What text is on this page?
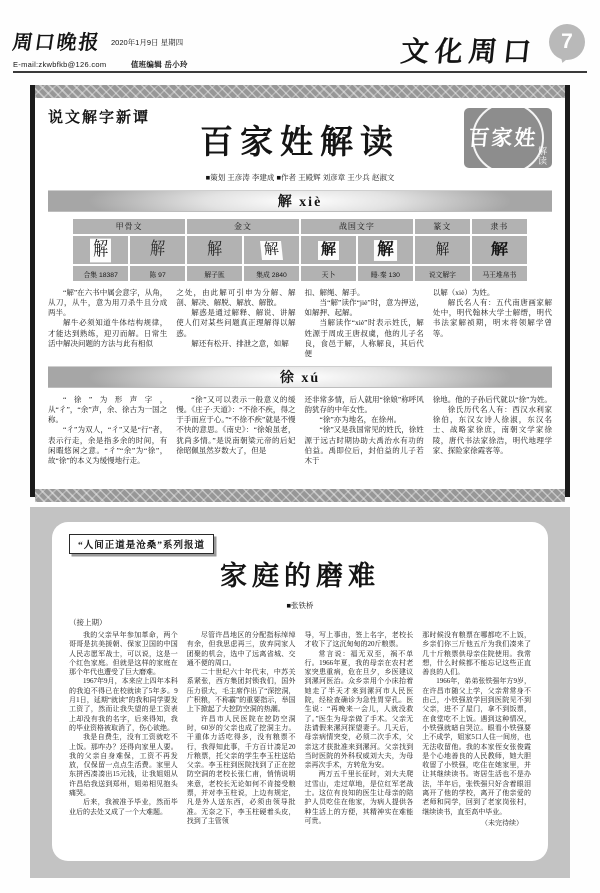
周口晚报 2020年1月9日 星期四
E-mail:zkwbfkb@126.com	值班编辑 岳小玲	文化周口	7
说文解字新谭
百家姓解读
■策划 王彦涛 李建成 ■作者 王殿辉 刘彦章 王少兵 赵淑文
百家姓
解读
解 xiè
甲骨文	金文	战国文字	篆文	隶书
解	解	解	解	解	解	解	解
合集 18387	陈 97	解子匜	集成 2840	天卜	睡·秦 130	说文解字	马王堆帛书

“解”在六书中属会意字，从角，从刀，从牛，意为用刀杀牛且分成两半。

解牛必须知道牛体结构规律，才能达到熟练，迎刃而解。日常生活中解决问题的方法与此有相似

之处，由此解可引申为分解、解剖、解决、解脱、解放、解散。

解惑是通过解释、解说、讲解使人们对某些问题真正理解得以解惑。

解还有松开、排泄之意，如解

扣、解绳、解手。

当“解”读作“jiè”时，意为押送，如解押、起解。

当解读作“xiè”时表示姓氏，解姓源于周成王唐叔虞，他的儿子名良，食邑于解，人称解良，其后代便

以解（xiè）为姓。

解氏名人有：五代南唐画家解处中，明代翰林大学士解缙，明代书法家解祯期，明末将领解学曾等。

徐 xú

“徐”为形声字，从“彳”，“余”声，余、徐古为一国之称。

“彳”为双人，“彳”又是“行”者，表示行走，余是指多余的时间，有闲暇悠闲之意。“彳”“余”为“徐”，故“徐”的本义为缓慢地行走。

“徐”又可以表示一般意义的缓慢。《庄子·天道》：“不徐不疾，得之于手而应于心。”“不徐不疾”就是不慢不快的意思。《南史》：“徐娘虽老，犹尚多情。”是说南朝梁元帝的后妃徐昭佩虽然岁数大了，但是

还非常多情，后人就用“徐娘”称呼风韵犹存的中年女性。

“徐”亦为地名，在徐州。

“徐”又是我国常见的姓氏，徐姓源于远古时期协助大禹治水有功的伯益。禹即位后，封伯益的儿子若木于

徐地。他的子孙后代就以“徐”为姓。

徐氏历代名人有：西汉水利家徐伯，东汉女诗人徐淑，东汉名士、战略家徐庶，南朝文学家徐陵，唐代书法家徐浩，明代地理学家、探险家徐霞客等。

“人间正道是沧桑”系列报道
家庭的磨难
■张铁桥
（接上期）

我的父亲早年参加革命，两个哥哥是抗美援朝、保家卫国的中国人民志愿军战士，可以说，这是一个红色家庭。但就是这样的家庭在那个年代也遭受了巨大磨难。

1967年9月，本来应上四年本科的我迫不得已在校就读了5年多。9月1日，延期“就读”的我和同学要发工资了，然而让我失望的是工资表上却没有我的名字，后来得知，我的毕业资格被取消了，伤心欲绝。

我是自费生，没有工资就吃不上饭。那咋办？还得向家里人要。我的父亲自身难保，工资不再发放，仅保留一点点生活费。家里人东拼西凑凑出15元钱，让我姐姐从许昌给我送到郑州，姐弟相见抱头痛哭。

后来，我被准予毕业，然而毕业后的去处又成了一个大难题。

尽管许昌地区的分配指标绰绰有余，但我思虑再三，放弃同家人团聚的机会，选中了远离省城、交通不便的周口。

二十世纪六十年代末，中苏关系紧张，西方集团封锁我们，国外压力很大，毛主席作出了“深挖洞，广积粮，不称霸”的重要指示，举国上下掀起了大挖防空洞的热潮。

许昌市人民医院在挖防空洞时，60岁的父亲也成了挖洞主力。干重体力活吃得多，没有粮票不行，我得知此事，千方百计凑足20斤粮票，托父亲的学生李玉柱送给父亲。李玉柱到医院找到了正在挖防空洞的老校长张仁甫，悄悄说明来意，老校长无论如何不肯接受粮票，并对李玉柱说，上边有规定，凡是外人送东西，必须由领导批准。无奈之下，李玉柱硬着头皮，找到了主管领

导，写上事由，签上名字，老校长才收下了这沉甸甸的20斤粮票。

常言说：福无双至，祸不单行。1966年夏，我的母亲在农村老家突患重病，危在旦夕，乡医建议到漯河医治。众乡亲用个小床抬着她走了半天才来到漯河市人民医院，经检查确诊为急性胃穿孔。医生说：“再晚来一会儿，人就没救了。”医生为母亲做了手术。父亲无法请假来漯河探望妻子。几天后，母亲病情突变，必须二次手术，父亲这才获批准来到漯河。父亲找到当时医院的外科权威刘大夫，为母亲再次手术，方转危为安。

两万五千里长征时，刘大夫爬过雪山，走过草地，是位红军老战士。这位有良知的医生让母亲的陪护人员吃住在他家，为病人提供各种生活上的方便，其精神实在难能可贵。

那时候没有粮票在哪都吃不上饭，乡亲们你三斤他五斤为我们凑来了几十斤粮票供母亲住院使用。我常想，什么时候都不能忘记这些正直善良的人们。

1966年，弟弟张铁强年方9岁，在许昌市随父上学，父亲常常身不由己，小铁强放学回到医院见不到父亲，进不了屋门，拿不到饭票，在食堂吃不上饭。遇到这种情况，小铁强就暗自哭泣。眼看小铁强要上不成学，姐家5口人住一间房，也无法收留他。我的本家侄女张俊霞是个心地善良的人民教师，她大胆收留了小铁强，吃住在她家里，并让其继续读书。寄居生活也不是办法，半年后，张铁强只好含着眼泪离开了他的学校，离开了他亲爱的老师和同学，回到了老家岗张村，继续读书，直至高中毕业。

（未完待续）
